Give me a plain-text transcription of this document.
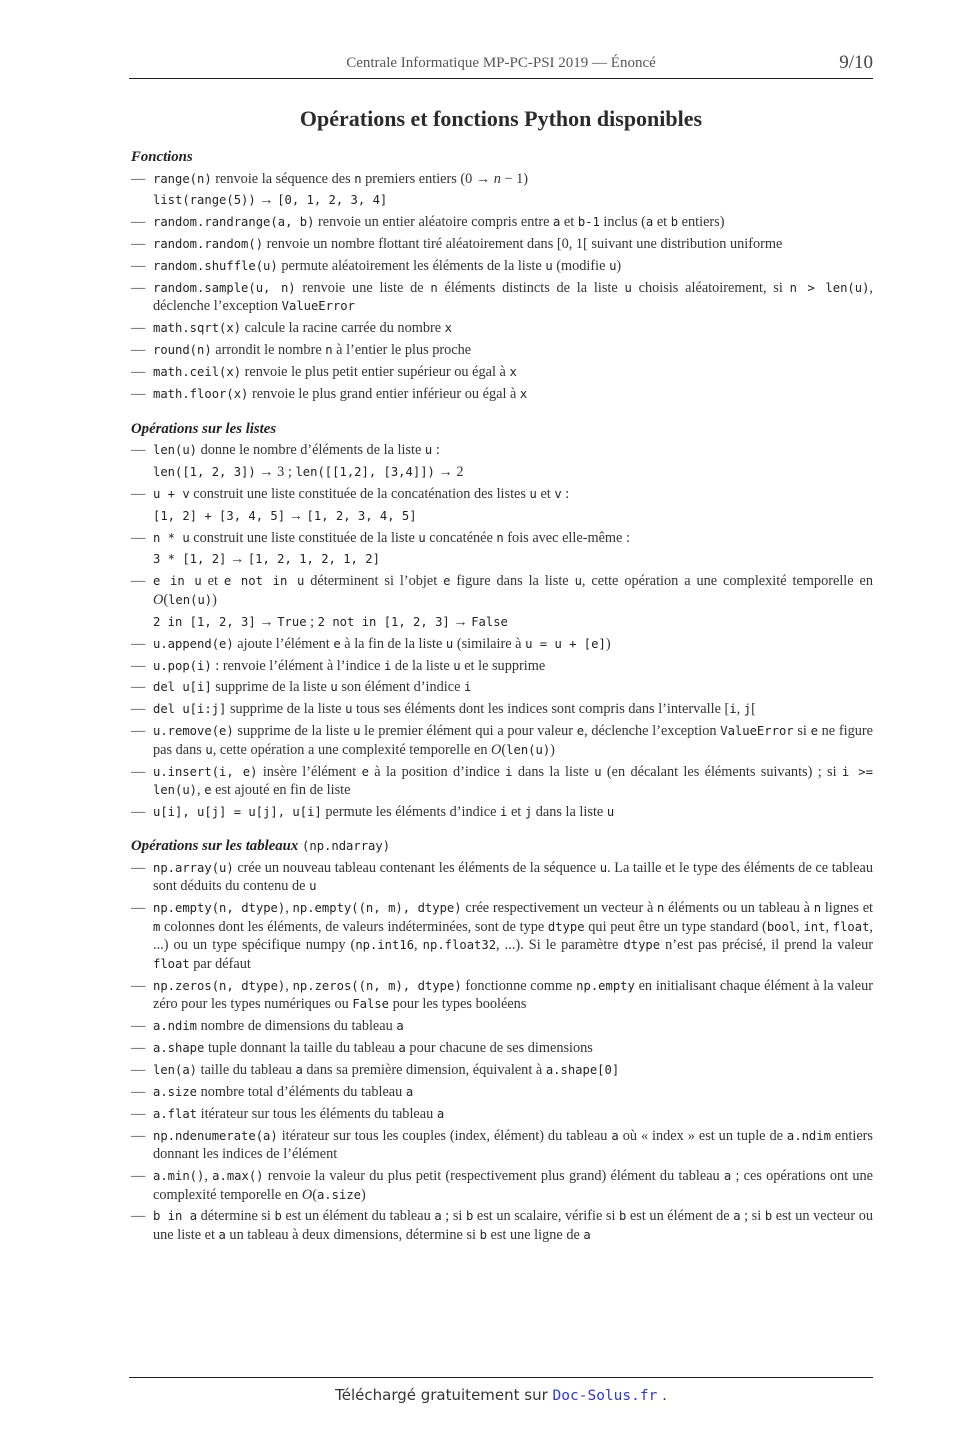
Centrale Informatique MP-PC-PSI 2019 — Énoncé	9/10
Opérations et fonctions Python disponibles
Fonctions
— range(n) renvoie la séquence des n premiers entiers (0 → n − 1)
list(range(5)) → [0, 1, 2, 3, 4]
— random.randrange(a, b) renvoie un entier aléatoire compris entre a et b-1 inclus (a et b entiers)
— random.random() renvoie un nombre flottant tiré aléatoirement dans [0, 1[ suivant une distribution uniforme
— random.shuffle(u) permute aléatoirement les éléments de la liste u (modifie u)
— random.sample(u, n) renvoie une liste de n éléments distincts de la liste u choisis aléatoirement, si n > len(u), déclenche l’exception ValueError
— math.sqrt(x) calcule la racine carrée du nombre x
— round(n) arrondit le nombre n à l’entier le plus proche
— math.ceil(x) renvoie le plus petit entier supérieur ou égal à x
— math.floor(x) renvoie le plus grand entier inférieur ou égal à x
Opérations sur les listes
— len(u) donne le nombre d’éléments de la liste u :
len([1, 2, 3]) → 3 ; len([[1,2], [3,4]]) → 2
— u + v construit une liste constituée de la concaténation des listes u et v :
[1, 2] + [3, 4, 5] → [1, 2, 3, 4, 5]
— n * u construit une liste constituée de la liste u concaténée n fois avec elle-même :
3 * [1, 2] → [1, 2, 1, 2, 1, 2]
— e in u et e not in u déterminent si l’objet e figure dans la liste u, cette opération a une complexité temporelle en O(len(u))
2 in [1, 2, 3] → True ; 2 not in [1, 2, 3] → False
— u.append(e) ajoute l’élément e à la fin de la liste u (similaire à u = u + [e])
— u.pop(i) : renvoie l’élément à l’indice i de la liste u et le supprime
— del u[i] supprime de la liste u son élément d’indice i
— del u[i:j] supprime de la liste u tous ses éléments dont les indices sont compris dans l’intervalle [i, j[
— u.remove(e) supprime de la liste u le premier élément qui a pour valeur e, déclenche l’exception ValueError si e ne figure pas dans u, cette opération a une complexité temporelle en O(len(u))
— u.insert(i, e) insère l’élément e à la position d’indice i dans la liste u (en décalant les éléments suivants) ; si i >= len(u), e est ajouté en fin de liste
— u[i], u[j] = u[j], u[i] permute les éléments d’indice i et j dans la liste u
Opérations sur les tableaux (np.ndarray)
— np.array(u) crée un nouveau tableau contenant les éléments de la séquence u. La taille et le type des éléments de ce tableau sont déduits du contenu de u
— np.empty(n, dtype), np.empty((n, m), dtype) crée respectivement un vecteur à n éléments ou un tableau à n lignes et m colonnes dont les éléments, de valeurs indéterminées, sont de type dtype qui peut être un type standard (bool, int, float, ...) ou un type spécifique numpy (np.int16, np.float32, ...). Si le paramètre dtype n’est pas précisé, il prend la valeur float par défaut
— np.zeros(n, dtype), np.zeros((n, m), dtype) fonctionne comme np.empty en initialisant chaque élément à la valeur zéro pour les types numériques ou False pour les types booléens
— a.ndim nombre de dimensions du tableau a
— a.shape tuple donnant la taille du tableau a pour chacune de ses dimensions
— len(a) taille du tableau a dans sa première dimension, équivalent à a.shape[0]
— a.size nombre total d’éléments du tableau a
— a.flat itérateur sur tous les éléments du tableau a
— np.ndenumerate(a) itérateur sur tous les couples (index, élément) du tableau a où « index » est un tuple de a.ndim entiers donnant les indices de l’élément
— a.min(), a.max() renvoie la valeur du plus petit (respectivement plus grand) élément du tableau a ; ces opérations ont une complexité temporelle en O(a.size)
— b in a détermine si b est un élément du tableau a ; si b est un scalaire, vérifie si b est un élément de a ; si b est un vecteur ou une liste et a un tableau à deux dimensions, détermine si b est une ligne de a
Téléchargé gratuitement sur Doc-Solus.fr .
